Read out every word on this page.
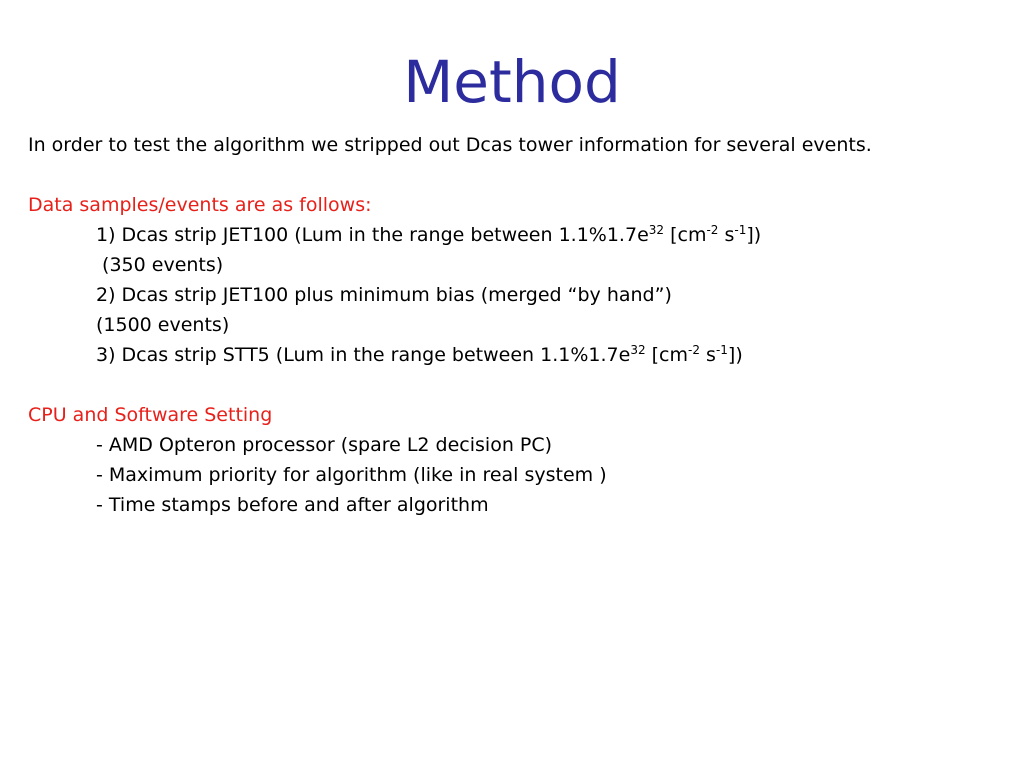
Method
In order to test the algorithm we stripped out Dcas tower information for several events.
Data samples/events are as follows:
1) Dcas strip JET100 (Lum in the range between $1.1\%1.7e^{32}$ [$cm^{-2}$ $s^{-1}$])
(350 events)
2) Dcas strip JET100 plus minimum bias (merged “by hand”)
(1500 events)
3) Dcas strip STT5 (Lum in the range between $1.1\%1.7e^{32}$ [$cm^{-2}$ $s^{-1}$])
CPU and Software Setting
- AMD Opteron processor (spare L2 decision PC)
- Maximum priority for algorithm (like in real system )
- Time stamps before and after algorithm
